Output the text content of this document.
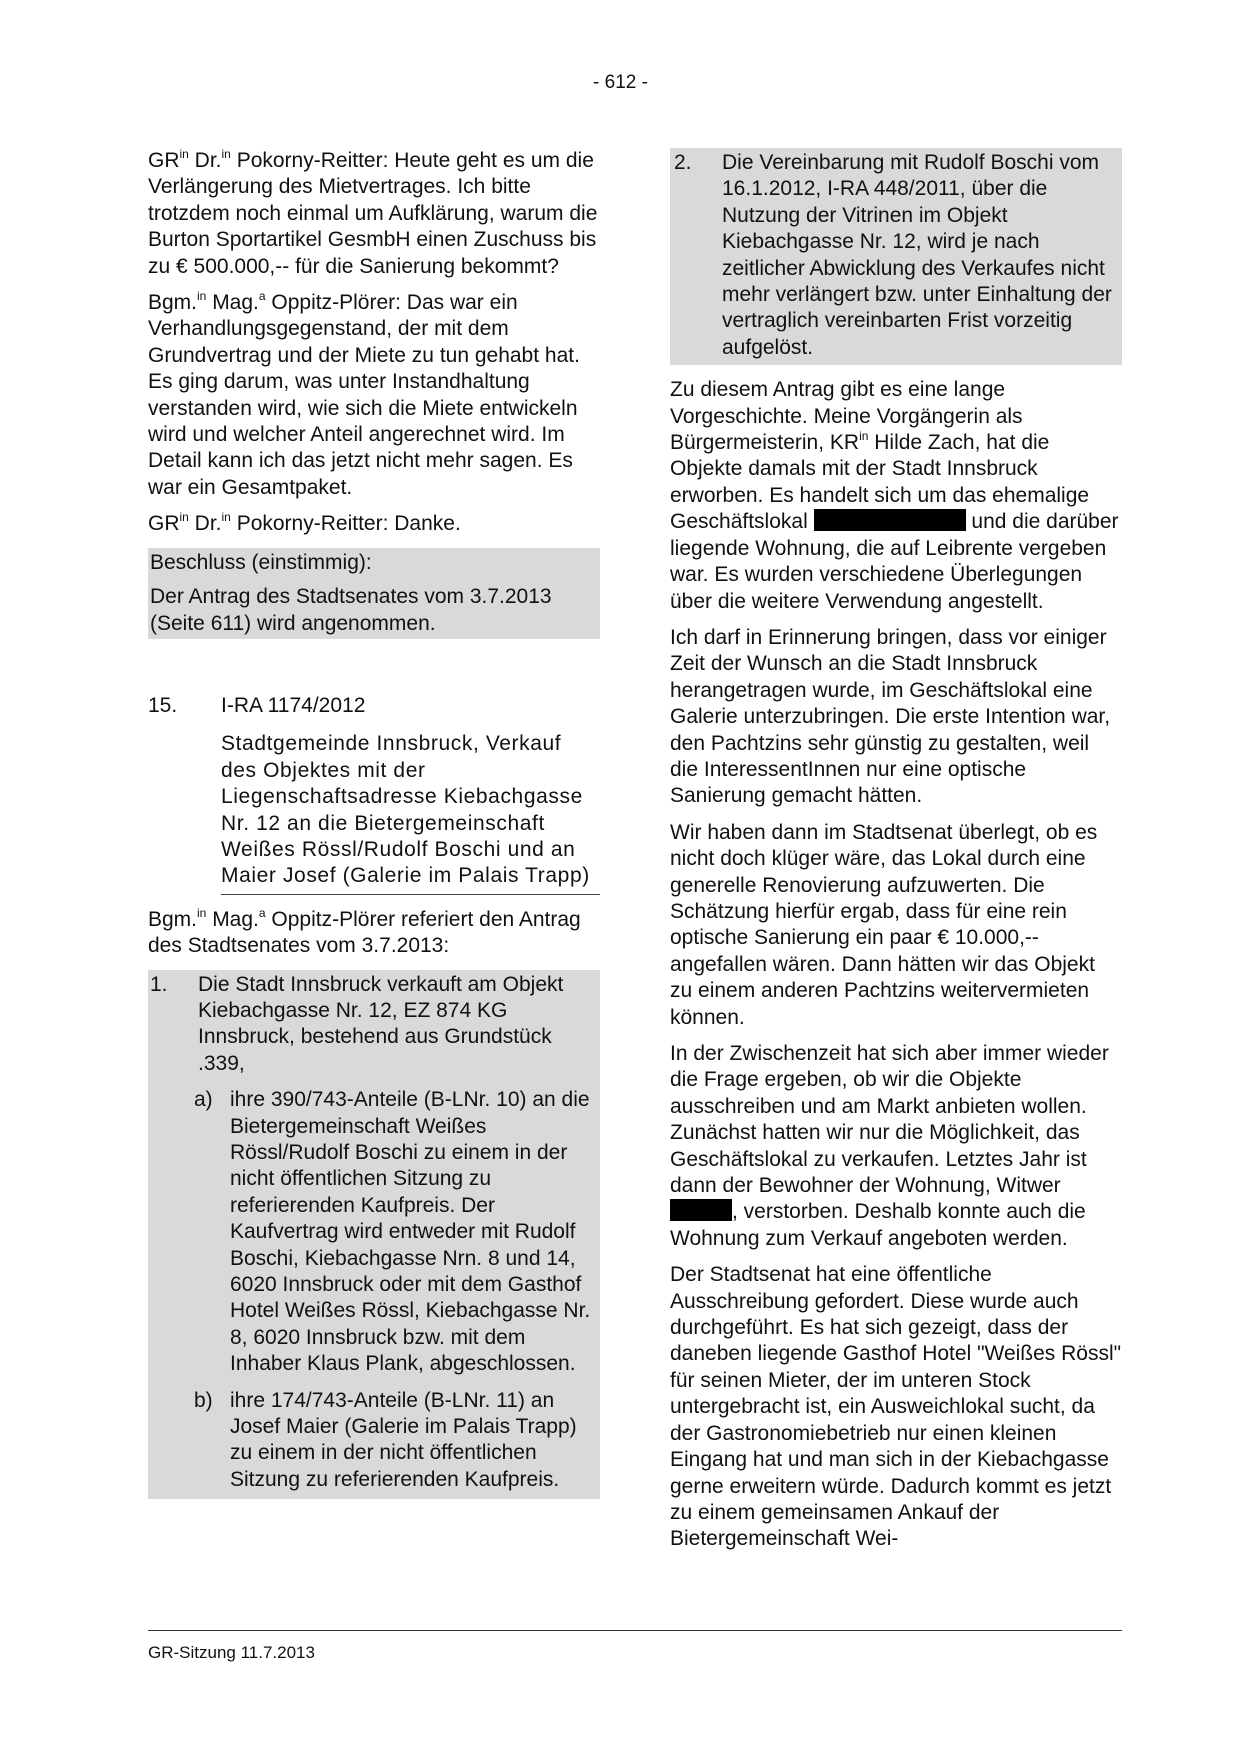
- 612 -

$GR^{in}$ Dr.$^{in}$ Pokorny-Reitter: Heute geht es um die Verlängerung des Mietvertrages. Ich bitte trotzdem noch einmal um Aufklärung, warum die Burton Sportartikel GesmbH einen Zuschuss bis zu € 500.000,-- für die Sanierung bekommt?

Bgm.$^{in}$ Mag.$^a$ Oppitz-Plörer: Das war ein Verhandlungsgegenstand, der mit dem Grundvertrag und der Miete zu tun gehabt hat. Es ging darum, was unter Instandhaltung verstanden wird, wie sich die Miete entwickeln wird und welcher Anteil angerechnet wird. Im Detail kann ich das jetzt nicht mehr sagen. Es war ein Gesamtpaket.

$GR^{in}$ Dr.$^{in}$ Pokorny-Reitter: Danke.

Beschluss (einstimmig):

Der Antrag des Stadtsenates vom 3.7.2013 (Seite 611) wird angenommen.

15.	I-RA 1174/2012
Stadtgemeinde Innsbruck, Verkauf des Objektes mit der Liegenschaftsadresse Kiebachgasse Nr. 12 an die Bietergemeinschaft Weißes Rössl/Rudolf Boschi und an Maier Josef (Galerie im Palais Trapp)

Bgm.$^{in}$ Mag.$^a$ Oppitz-Plörer referiert den Antrag des Stadtsenates vom 3.7.2013:

1.	Die Stadt Innsbruck verkauft am Objekt Kiebachgasse Nr. 12, EZ 874 KG Innsbruck, bestehend aus Grundstück .339,
a) ihre 390/743-Anteile (B-LNr. 10) an die Bietergemeinschaft Weißes Rössl/Rudolf Boschi zu einem in der nicht öffentlichen Sitzung zu referierenden Kaufpreis. Der Kaufvertrag wird entweder mit Rudolf Boschi, Kiebachgasse Nrn. 8 und 14, 6020 Innsbruck oder mit dem Gasthof Hotel Weißes Rössl, Kiebachgasse Nr. 8, 6020 Innsbruck bzw. mit dem Inhaber Klaus Plank, abgeschlossen.
b) ihre 174/743-Anteile (B-LNr. 11) an Josef Maier (Galerie im Palais Trapp) zu einem in der nicht öffentlichen Sitzung zu referierenden Kaufpreis.
2.	Die Vereinbarung mit Rudolf Boschi vom 16.1.2012, I-RA 448/2011, über die Nutzung der Vitrinen im Objekt Kiebachgasse Nr. 12, wird je nach zeitlicher Abwicklung des Verkaufes nicht mehr verlängert bzw. unter Einhaltung der vertraglich vereinbarten Frist vorzeitig aufgelöst.

Zu diesem Antrag gibt es eine lange Vorgeschichte. Meine Vorgängerin als Bürgermeisterin, $KR^{in}$ Hilde Zach, hat die Objekte damals mit der Stadt Innsbruck erworben. Es handelt sich um das ehemalige Geschäftslokal	und die darüber liegende Wohnung, die auf Leibrente vergeben war. Es wurden verschiedene Überlegungen über die weitere Verwendung angestellt.

Ich darf in Erinnerung bringen, dass vor einiger Zeit der Wunsch an die Stadt Innsbruck herangetragen wurde, im Geschäftslokal eine Galerie unterzubringen. Die erste Intention war, den Pachtzins sehr günstig zu gestalten, weil die InteressentInnen nur eine optische Sanierung gemacht hätten.

Wir haben dann im Stadtsenat überlegt, ob es nicht doch klüger wäre, das Lokal durch eine generelle Renovierung aufzuwerten. Die Schätzung hierfür ergab, dass für eine rein optische Sanierung ein paar € 10.000,-- angefallen wären. Dann hätten wir das Objekt zu einem anderen Pachtzins weitervermieten können.

In der Zwischenzeit hat sich aber immer wieder die Frage ergeben, ob wir die Objekte ausschreiben und am Markt anbieten wollen. Zunächst hatten wir nur die Möglichkeit, das Geschäftslokal zu verkaufen. Letztes Jahr ist dann der Bewohner der Wohnung, Witwer , verstorben. Deshalb konnte auch die Wohnung zum Verkauf angeboten werden.

Der Stadtsenat hat eine öffentliche Ausschreibung gefordert. Diese wurde auch durchgeführt. Es hat sich gezeigt, dass der daneben liegende Gasthof Hotel "Weißes Rössl" für seinen Mieter, der im unteren Stock untergebracht ist, ein Ausweichlokal sucht, da der Gastronomiebetrieb nur einen kleinen Eingang hat und man sich in der Kiebachgasse gerne erweitern würde. Dadurch kommt es jetzt zu einem gemeinsamen Ankauf der Bietergemeinschaft Wei-

GR-Sitzung 11.7.2013
